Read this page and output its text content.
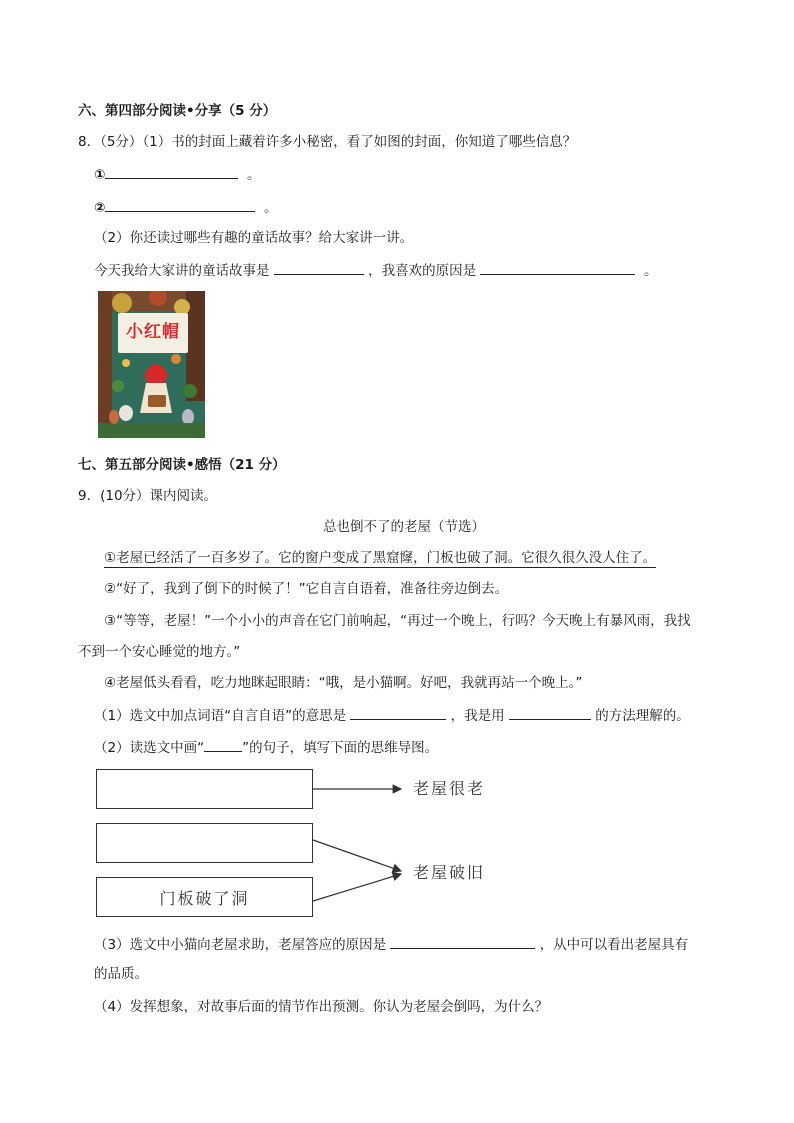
六、第四部分阅读•分享（5 分）
8．（5分）（1）书的封面上藏着许多小秘密，看了如图的封面，你知道了哪些信息？
①	。
②	。
（2）你还读过哪些有趣的童话故事？给大家讲一讲。
今天我给大家讲的童话故事是	，我喜欢的原因是	。
小红帽
七、第五部分阅读•感悟（21 分）
9．(10分）课内阅读。
总也倒不了的老屋（节选）
①老屋已经活了一百多岁了。它的窗户变成了黑窟窿，门板也破了洞。它很久很久没人住了。
②“好了，我到了倒下的时候了！”它自言自语着，准备往旁边倒去。
③“等等，老屋！”一个小小的声音在它门前响起，“再过一个晚上，行吗？今天晚上有暴风雨，我找
不到一个安心睡觉的地方。”
④老屋低头看看，吃力地眯起眼睛：“哦，是小猫啊。好吧，我就再站一个晚上。”
（1）选文中加点词语“自言自语”的意思是	，我是用	的方法理解的。
（2）读选文中画“	”的句子，填写下面的思维导图。
门板破了洞
老屋很老
老屋破旧
（3）选文中小猫向老屋求助，老屋答应的原因是	，从中可以看出老屋具有
的品质。
（4）发挥想象，对故事后面的情节作出预测。你认为老屋会倒吗，为什么？
